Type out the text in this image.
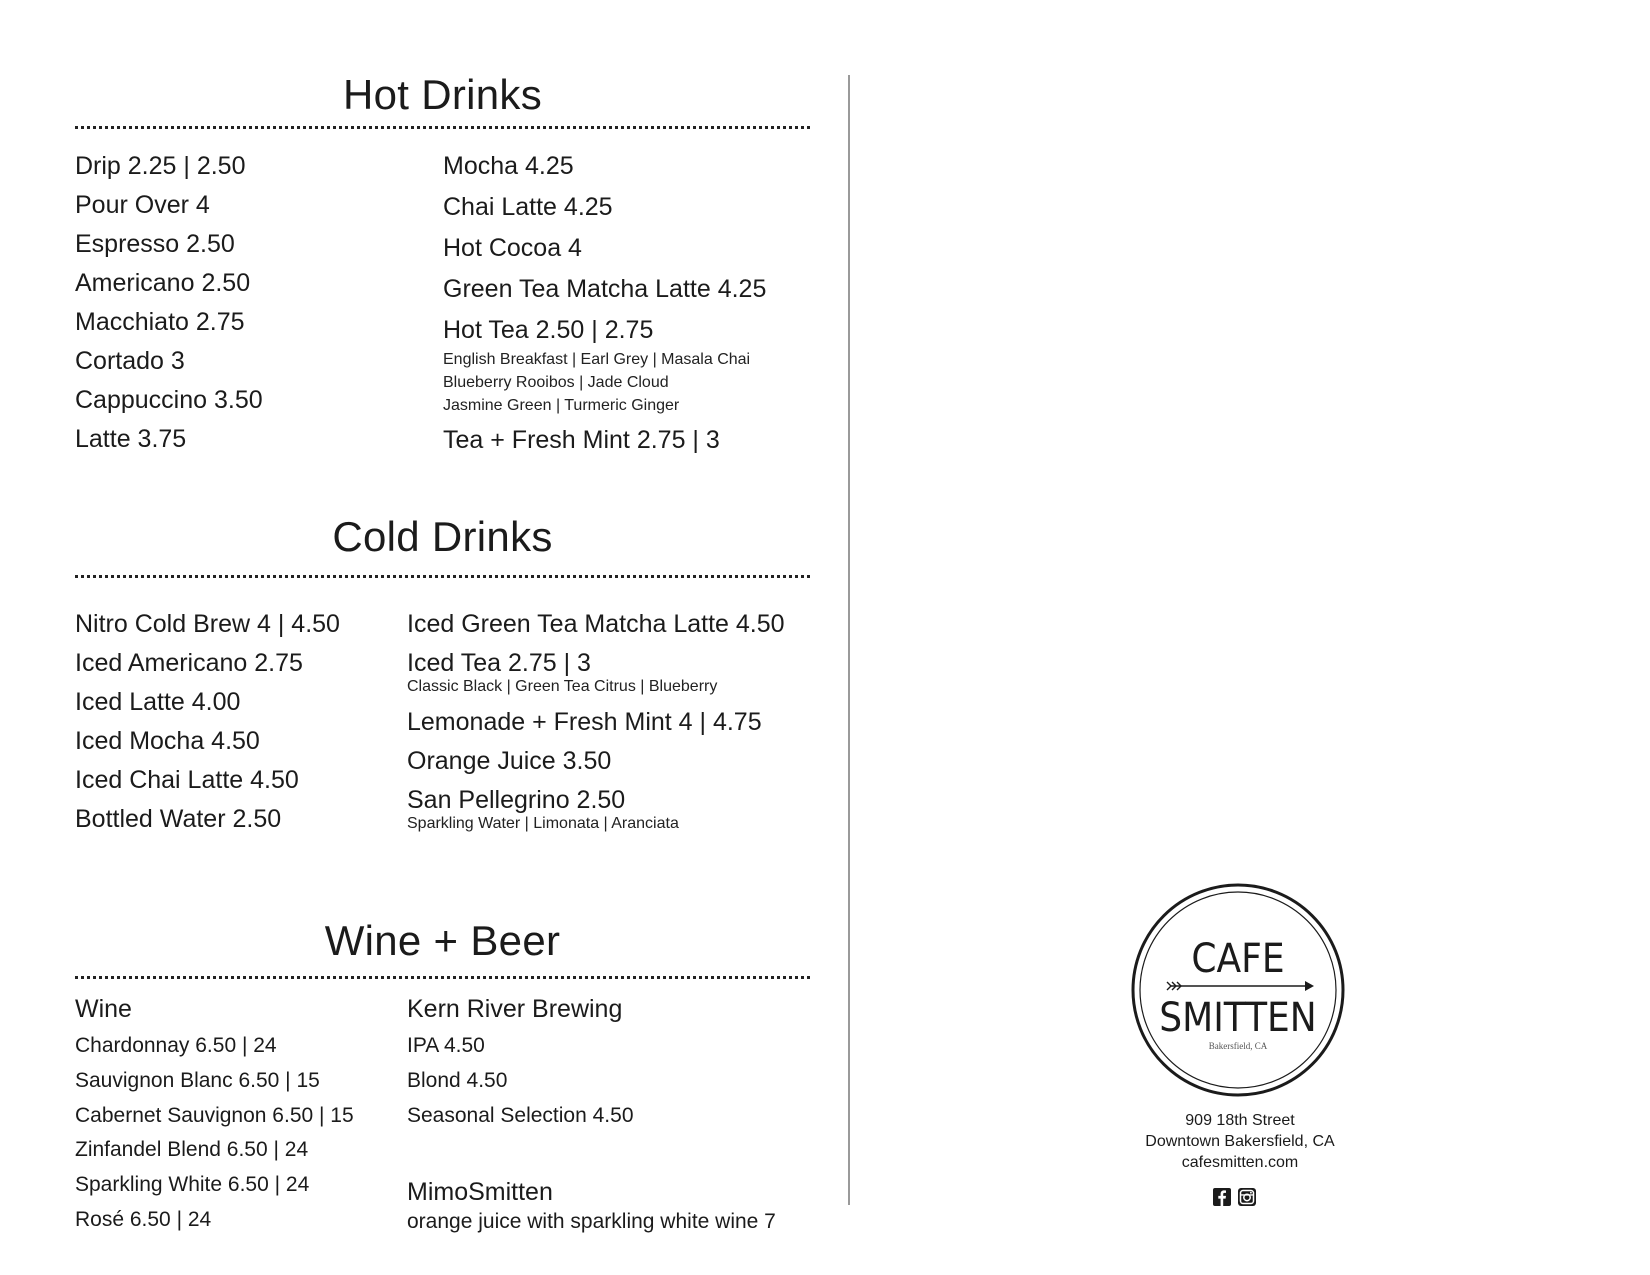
Hot Drinks
Drip 2.25 | 2.50
Pour Over 4
Espresso 2.50
Americano 2.50
Macchiato 2.75
Cortado 3
Cappuccino 3.50
Latte 3.75
Mocha 4.25
Chai Latte 4.25
Hot Cocoa 4
Green Tea Matcha Latte 4.25
Hot Tea 2.50 | 2.75
English Breakfast | Earl Grey | Masala Chai
Blueberry Rooibos | Jade Cloud
Jasmine Green | Turmeric Ginger
Tea + Fresh Mint 2.75 | 3
Cold Drinks
Nitro Cold Brew 4 | 4.50
Iced Americano 2.75
Iced Latte 4.00
Iced Mocha 4.50
Iced Chai Latte 4.50
Bottled Water 2.50
Iced Green Tea Matcha Latte 4.50
Iced Tea 2.75 | 3
Classic Black | Green Tea Citrus | Blueberry
Lemonade + Fresh Mint 4 | 4.75
Orange Juice 3.50
San Pellegrino 2.50
Sparkling Water | Limonata | Aranciata
Wine + Beer
Wine
Chardonnay 6.50 | 24
Sauvignon Blanc 6.50 | 15
Cabernet Sauvignon 6.50 | 15
Zinfandel Blend 6.50 | 24
Sparkling White 6.50 | 24
Rosé 6.50 | 24
Kern River Brewing
IPA 4.50
Blond 4.50
Seasonal Selection 4.50
MimoSmitten
orange juice with sparkling white wine 7
CAFE
SMITTEN
Bakersfield, CA
909 18th Street
Downtown Bakersfield, CA
cafesmitten.com
